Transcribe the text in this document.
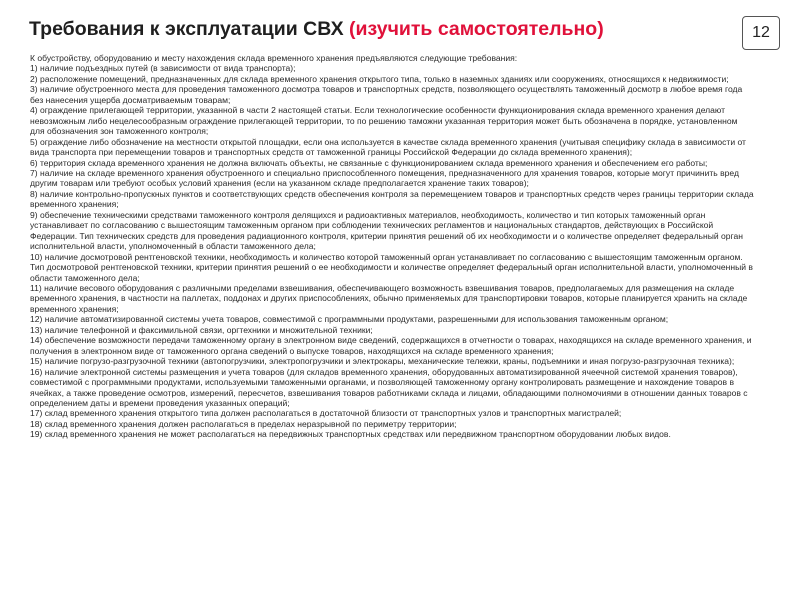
Требования к эксплуатации СВХ (изучить самостоятельно)	12

К обустройству, оборудованию и месту нахождения склада временного хранения предъявляются следующие требования:

1) наличие подъездных путей (в зависимости от вида транспорта);

2) расположение помещений, предназначенных для склада временного хранения открытого типа, только в наземных зданиях или сооружениях, относящихся к недвижимости;

3) наличие обустроенного места для проведения таможенного досмотра товаров и транспортных средств, позволяющего осуществлять таможенный досмотр в любое время года без нанесения ущерба досматриваемым товарам;

4) ограждение прилегающей территории, указанной в части 2 настоящей статьи. Если технологические особенности функционирования склада временного хранения делают невозможным либо нецелесообразным ограждение прилегающей территории, то по решению таможни указанная территория может быть обозначена в порядке, установленном для обозначения зон таможенного контроля;

5) ограждение либо обозначение на местности открытой площадки, если она используется в качестве склада временного хранения (учитывая специфику склада в зависимости от вида транспорта при перемещении товаров и транспортных средств от таможенной границы Российской Федерации до склада временного хранения);

6) территория склада временного хранения не должна включать объекты, не связанные с функционированием склада временного хранения и обеспечением его работы;

7) наличие на складе временного хранения обустроенного и специально приспособленного помещения, предназначенного для хранения товаров, которые могут причинить вред другим товарам или требуют особых условий хранения (если на указанном складе предполагается хранение таких товаров);

8) наличие контрольно-пропускных пунктов и соответствующих средств обеспечения контроля за перемещением товаров и транспортных средств через границы территории склада временного хранения;

9) обеспечение техническими средствами таможенного контроля делящихся и радиоактивных материалов, необходимость, количество и тип которых таможенный орган устанавливает по согласованию с вышестоящим таможенным органом при соблюдении технических регламентов и национальных стандартов, действующих в Российской Федерации. Тип технических средств для проведения радиационного контроля, критерии принятия решений об их необходимости и о количестве определяет федеральный орган исполнительной власти, уполномоченный в области таможенного дела;

10) наличие досмотровой рентгеновской техники, необходимость и количество которой таможенный орган устанавливает по согласованию с вышестоящим таможенным органом. Тип досмотровой рентгеновской техники, критерии принятия решений о ее необходимости и количестве определяет федеральный орган исполнительной власти, уполномоченный в области таможенного дела;

11) наличие весового оборудования с различными пределами взвешивания, обеспечивающего возможность взвешивания товаров, предполагаемых для размещения на складе временного хранения, в частности на паллетах, поддонах и других приспособлениях, обычно применяемых для транспортировки товаров, которые планируется хранить на складе временного хранения;

12) наличие автоматизированной системы учета товаров, совместимой с программными продуктами, разрешенными для использования таможенным органом;

13) наличие телефонной и факсимильной связи, оргтехники и множительной техники;

14) обеспечение возможности передачи таможенному органу в электронном виде сведений, содержащихся в отчетности о товарах, находящихся на складе временного хранения, и получения в электронном виде от таможенного органа сведений о выпуске товаров, находящихся на складе временного хранения;

15) наличие погрузо-разгрузочной техники (автопогрузчики, электропогрузчики и электрокары, механические тележки, краны, подъемники и иная погрузо-разгрузочная техника);

16) наличие электронной системы размещения и учета товаров (для складов временного хранения, оборудованных автоматизированной ячеечной системой хранения товаров), совместимой с программными продуктами, используемыми таможенными органами, и позволяющей таможенному органу контролировать размещение и нахождение товаров в ячейках, а также проведение осмотров, измерений, пересчетов, взвешивания товаров работниками склада и лицами, обладающими полномочиями в отношении данных товаров с определением даты и времени проведения указанных операций;

17) склад временного хранения открытого типа должен располагаться в достаточной близости от транспортных узлов и транспортных магистралей;

18) склад временного хранения должен располагаться в пределах неразрывной по периметру территории;

19) склад временного хранения не может располагаться на передвижных транспортных средствах или передвижном транспортном оборудовании любых видов.
